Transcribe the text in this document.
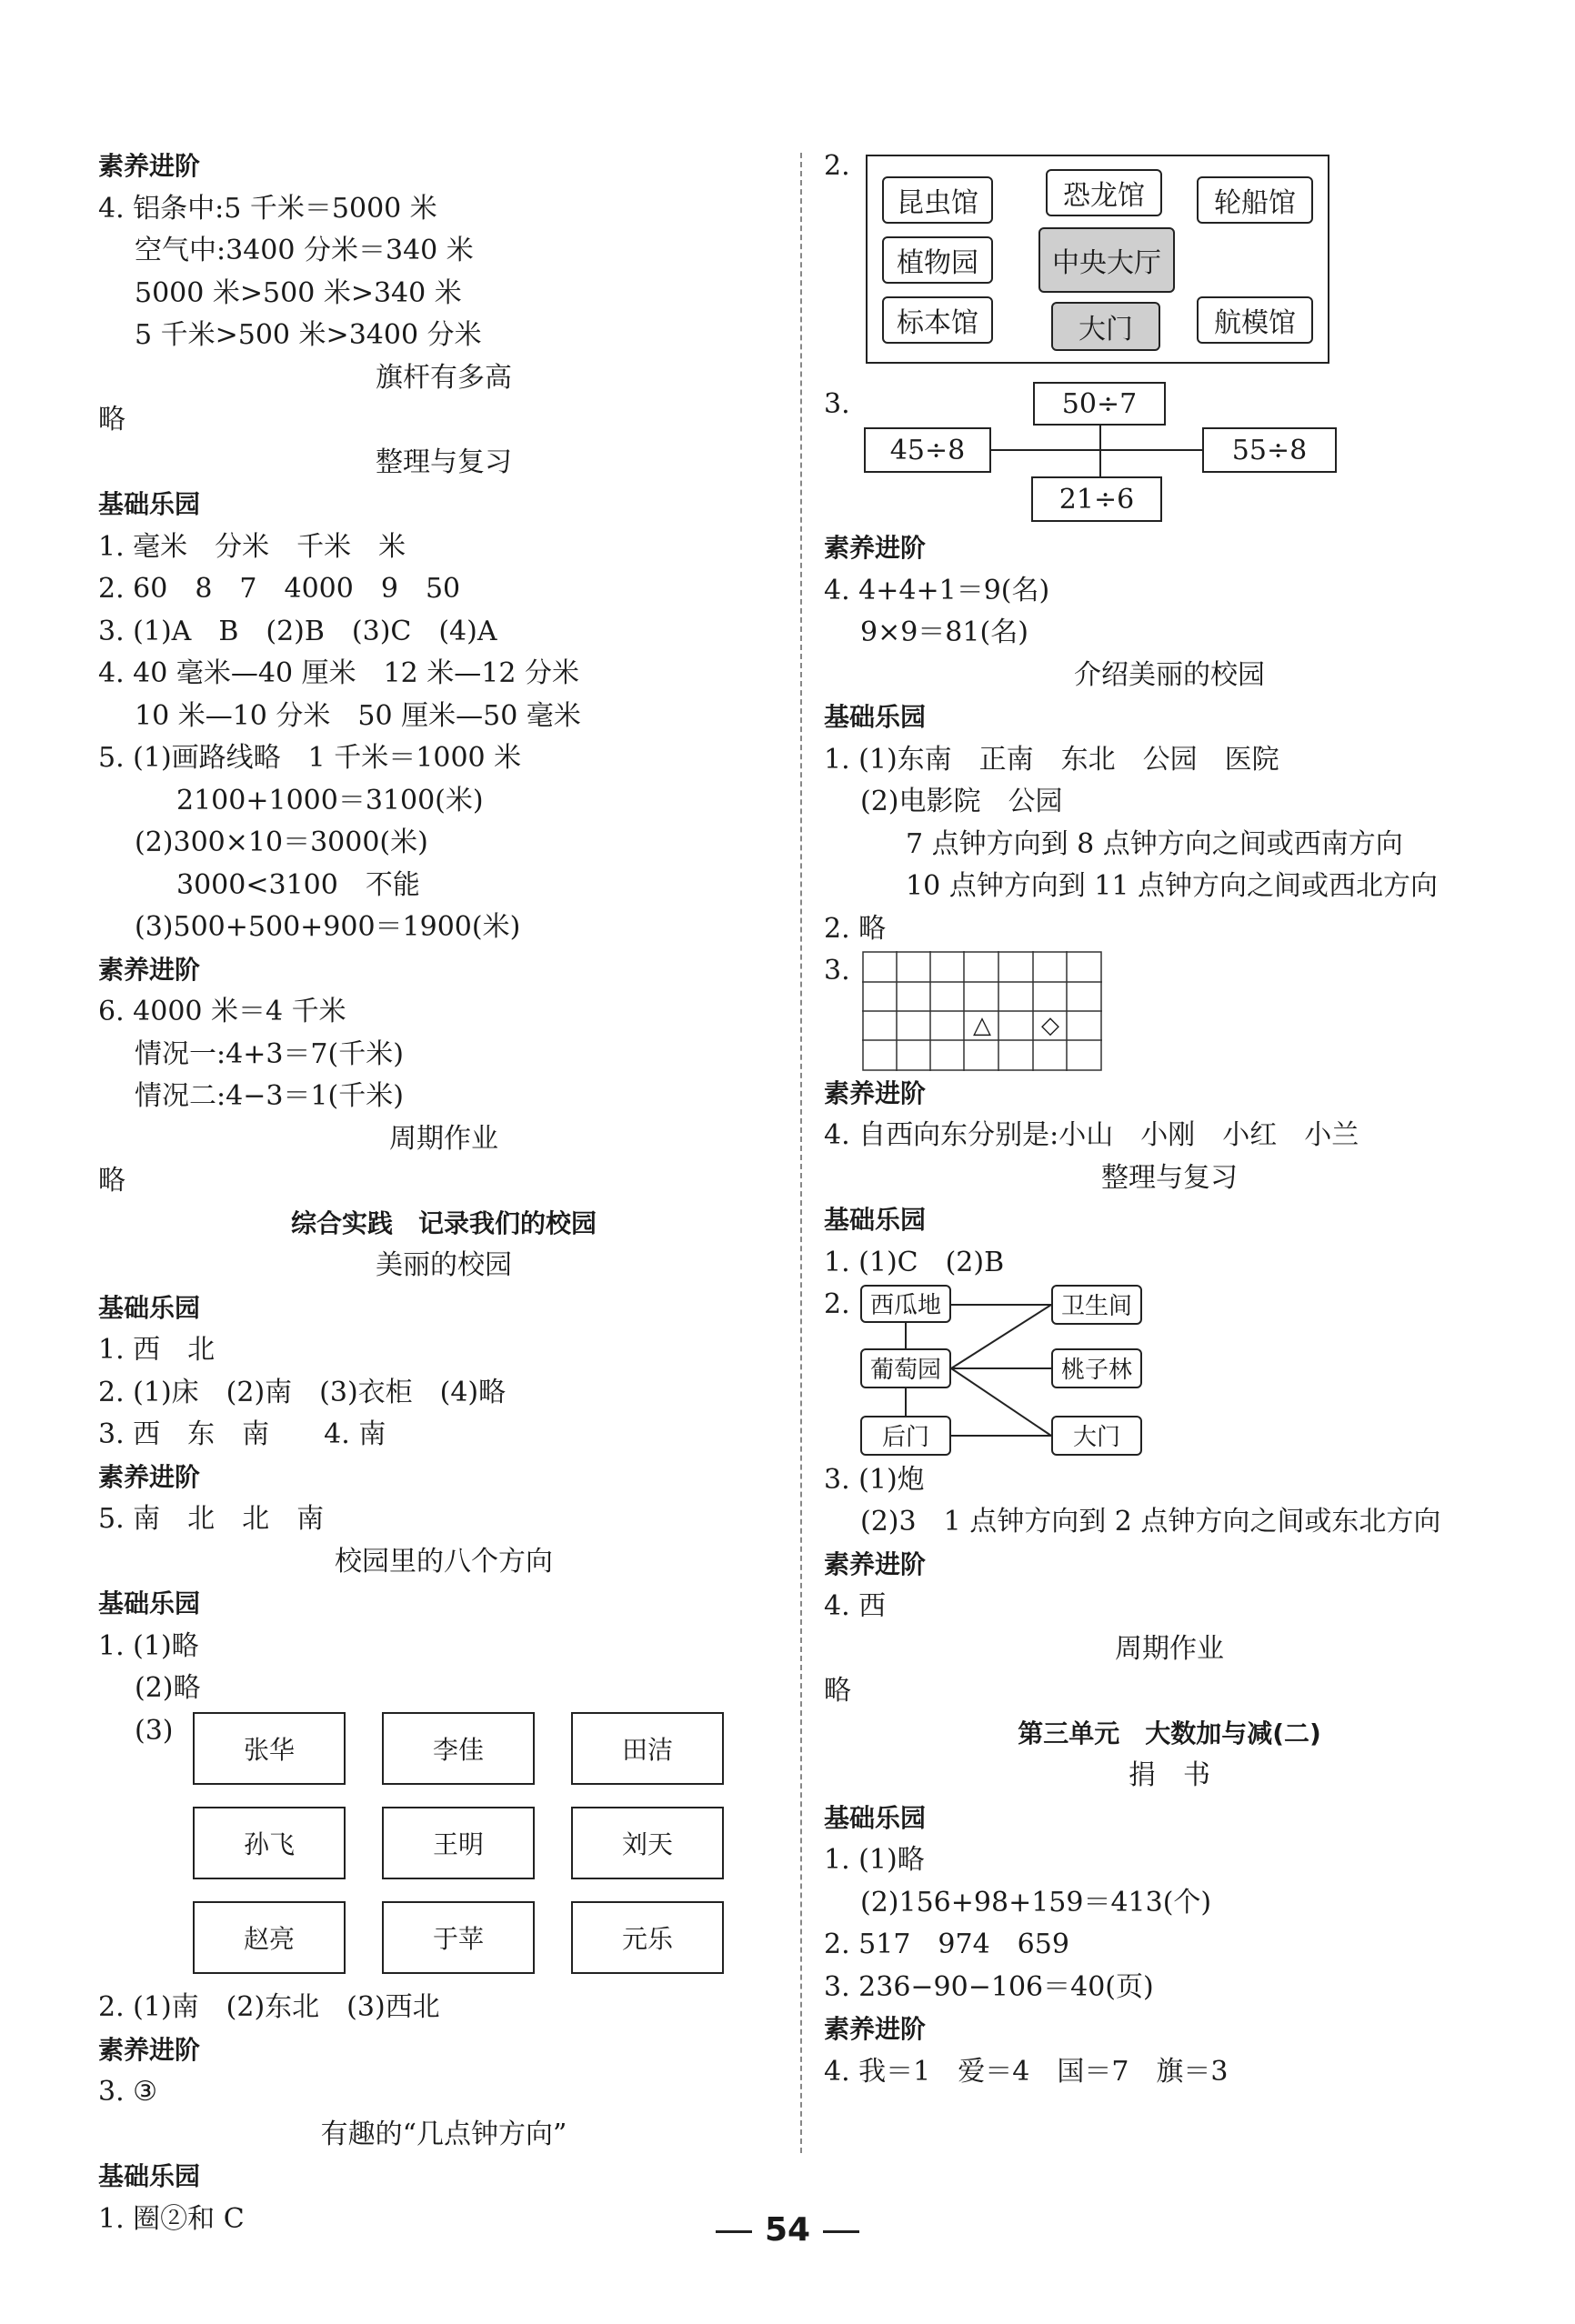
素养进阶
4. 铝条中:5 千米＝5000 米
空气中:3400 分米＝340 米
5000 米>500 米>340 米
5 千米>500 米>3400 分米
旗杆有多高
略
整理与复习
基础乐园
1. 毫米　分米　千米　米
2. 60　8　7　4000　9　50
3. (1)A　B　(2)B　(3)C　(4)A
4. 40 毫米—40 厘米　12 米—12 分米
10 米—10 分米　50 厘米—50 毫米
5. (1)画路线略　1 千米＝1000 米
2100+1000＝3100(米)
(2)300×10＝3000(米)
3000<3100　不能
(3)500+500+900＝1900(米)
素养进阶
6. 4000 米＝4 千米
情况一:4+3＝7(千米)
情况二:4−3＝1(千米)
周期作业
略
综合实践　记录我们的校园
美丽的校园
基础乐园
1. 西　北
2. (1)床　(2)南　(3)衣柜　(4)略
3. 西　东　南　　4. 南
素养进阶
5. 南　北　北　南
校园里的八个方向
基础乐园
1. (1)略
(2)略
(3)
张华	李佳	田洁
孙飞	王明	刘天
赵亮	于苹	元乐
2. (1)南　(2)东北　(3)西北
素养进阶
3. ③
有趣的“几点钟方向”
基础乐园
1. 圈②和 C
2.
昆虫馆	恐龙馆	轮船馆
植物园	中央大厅
标本馆	大门	航模馆
3.	50÷7
45÷8	55÷8
21÷6
素养进阶
4. 4+4+1＝9(名)
9×9＝81(名)
介绍美丽的校园
基础乐园
1. (1)东南　正南　东北　公园　医院
(2)电影院　公园
7 点钟方向到 8 点钟方向之间或西南方向
10 点钟方向到 11 点钟方向之间或西北方向
2. 略
3.
△ ◇
素养进阶
4. 自西向东分别是:小山　小刚　小红　小兰
整理与复习
基础乐园
1. (1)C　(2)B
2. 西瓜地	卫生间
葡萄园	桃子林
后门	大门
3. (1)炮
(2)3　1 点钟方向到 2 点钟方向之间或东北方向
素养进阶
4. 西
周期作业
略
第三单元　大数加与减(二)
捐　书
基础乐园
1. (1)略
(2)156+98+159＝413(个)
2. 517　974　659
3. 236−90−106＝40(页)
素养进阶
4. 我＝1　爱＝4　国＝7　旗＝3
54
